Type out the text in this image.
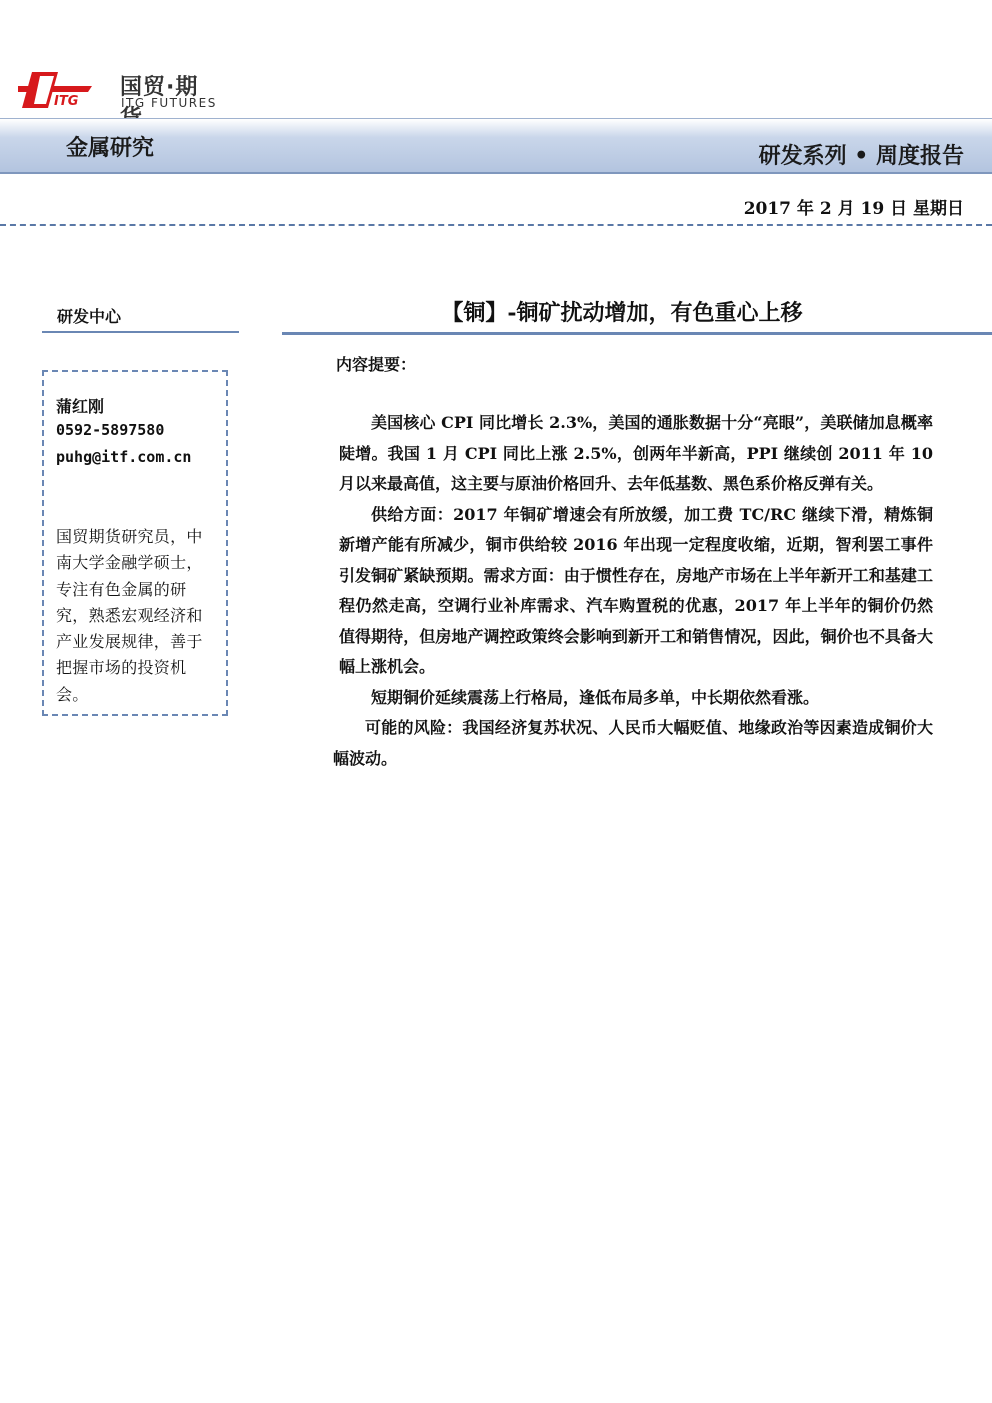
ITG
国贸·期
ITG FUTURES
金属研究	研发系列 • 周度报告
2017 年 2 月 19 日 星期日
研发中心
蒲红刚
0592-5897580
puhg@itf.com.cn
国贸期货研究员，中南大学金融学硕士，专注有色金属的研究，熟悉宏观经济和产业发展规律，善于把握市场的投资机会。
【铜】-铜矿扰动增加，有色重心上移
内容提要：

美国核心 CPI 同比增长 2.3%，美国的通胀数据十分“亮眼”，美联储加息概率陡增。我国 1 月 CPI 同比上涨 2.5%，创两年半新高，PPI 继续创 2011 年 10 月以来最高值，这主要与原油价格回升、去年低基数、黑色系价格反弹有关。

供给方面：2017 年铜矿增速会有所放缓，加工费 TC/RC 继续下滑，精炼铜新增产能有所减少，铜市供给较 2016 年出现一定程度收缩，近期，智利罢工事件引发铜矿紧缺预期。需求方面：由于惯性存在，房地产市场在上半年新开工和基建工程仍然走高，空调行业补库需求、汽车购置税的优惠，2017 年上半年的铜价仍然值得期待，但房地产调控政策终会影响到新开工和销售情况，因此，铜价也不具备大幅上涨机会。

短期铜价延续震荡上行格局，逢低布局多单，中长期依然看涨。

可能的风险：我国经济复苏状况、人民币大幅贬值、地缘政治等因素造成铜价大幅波动。
